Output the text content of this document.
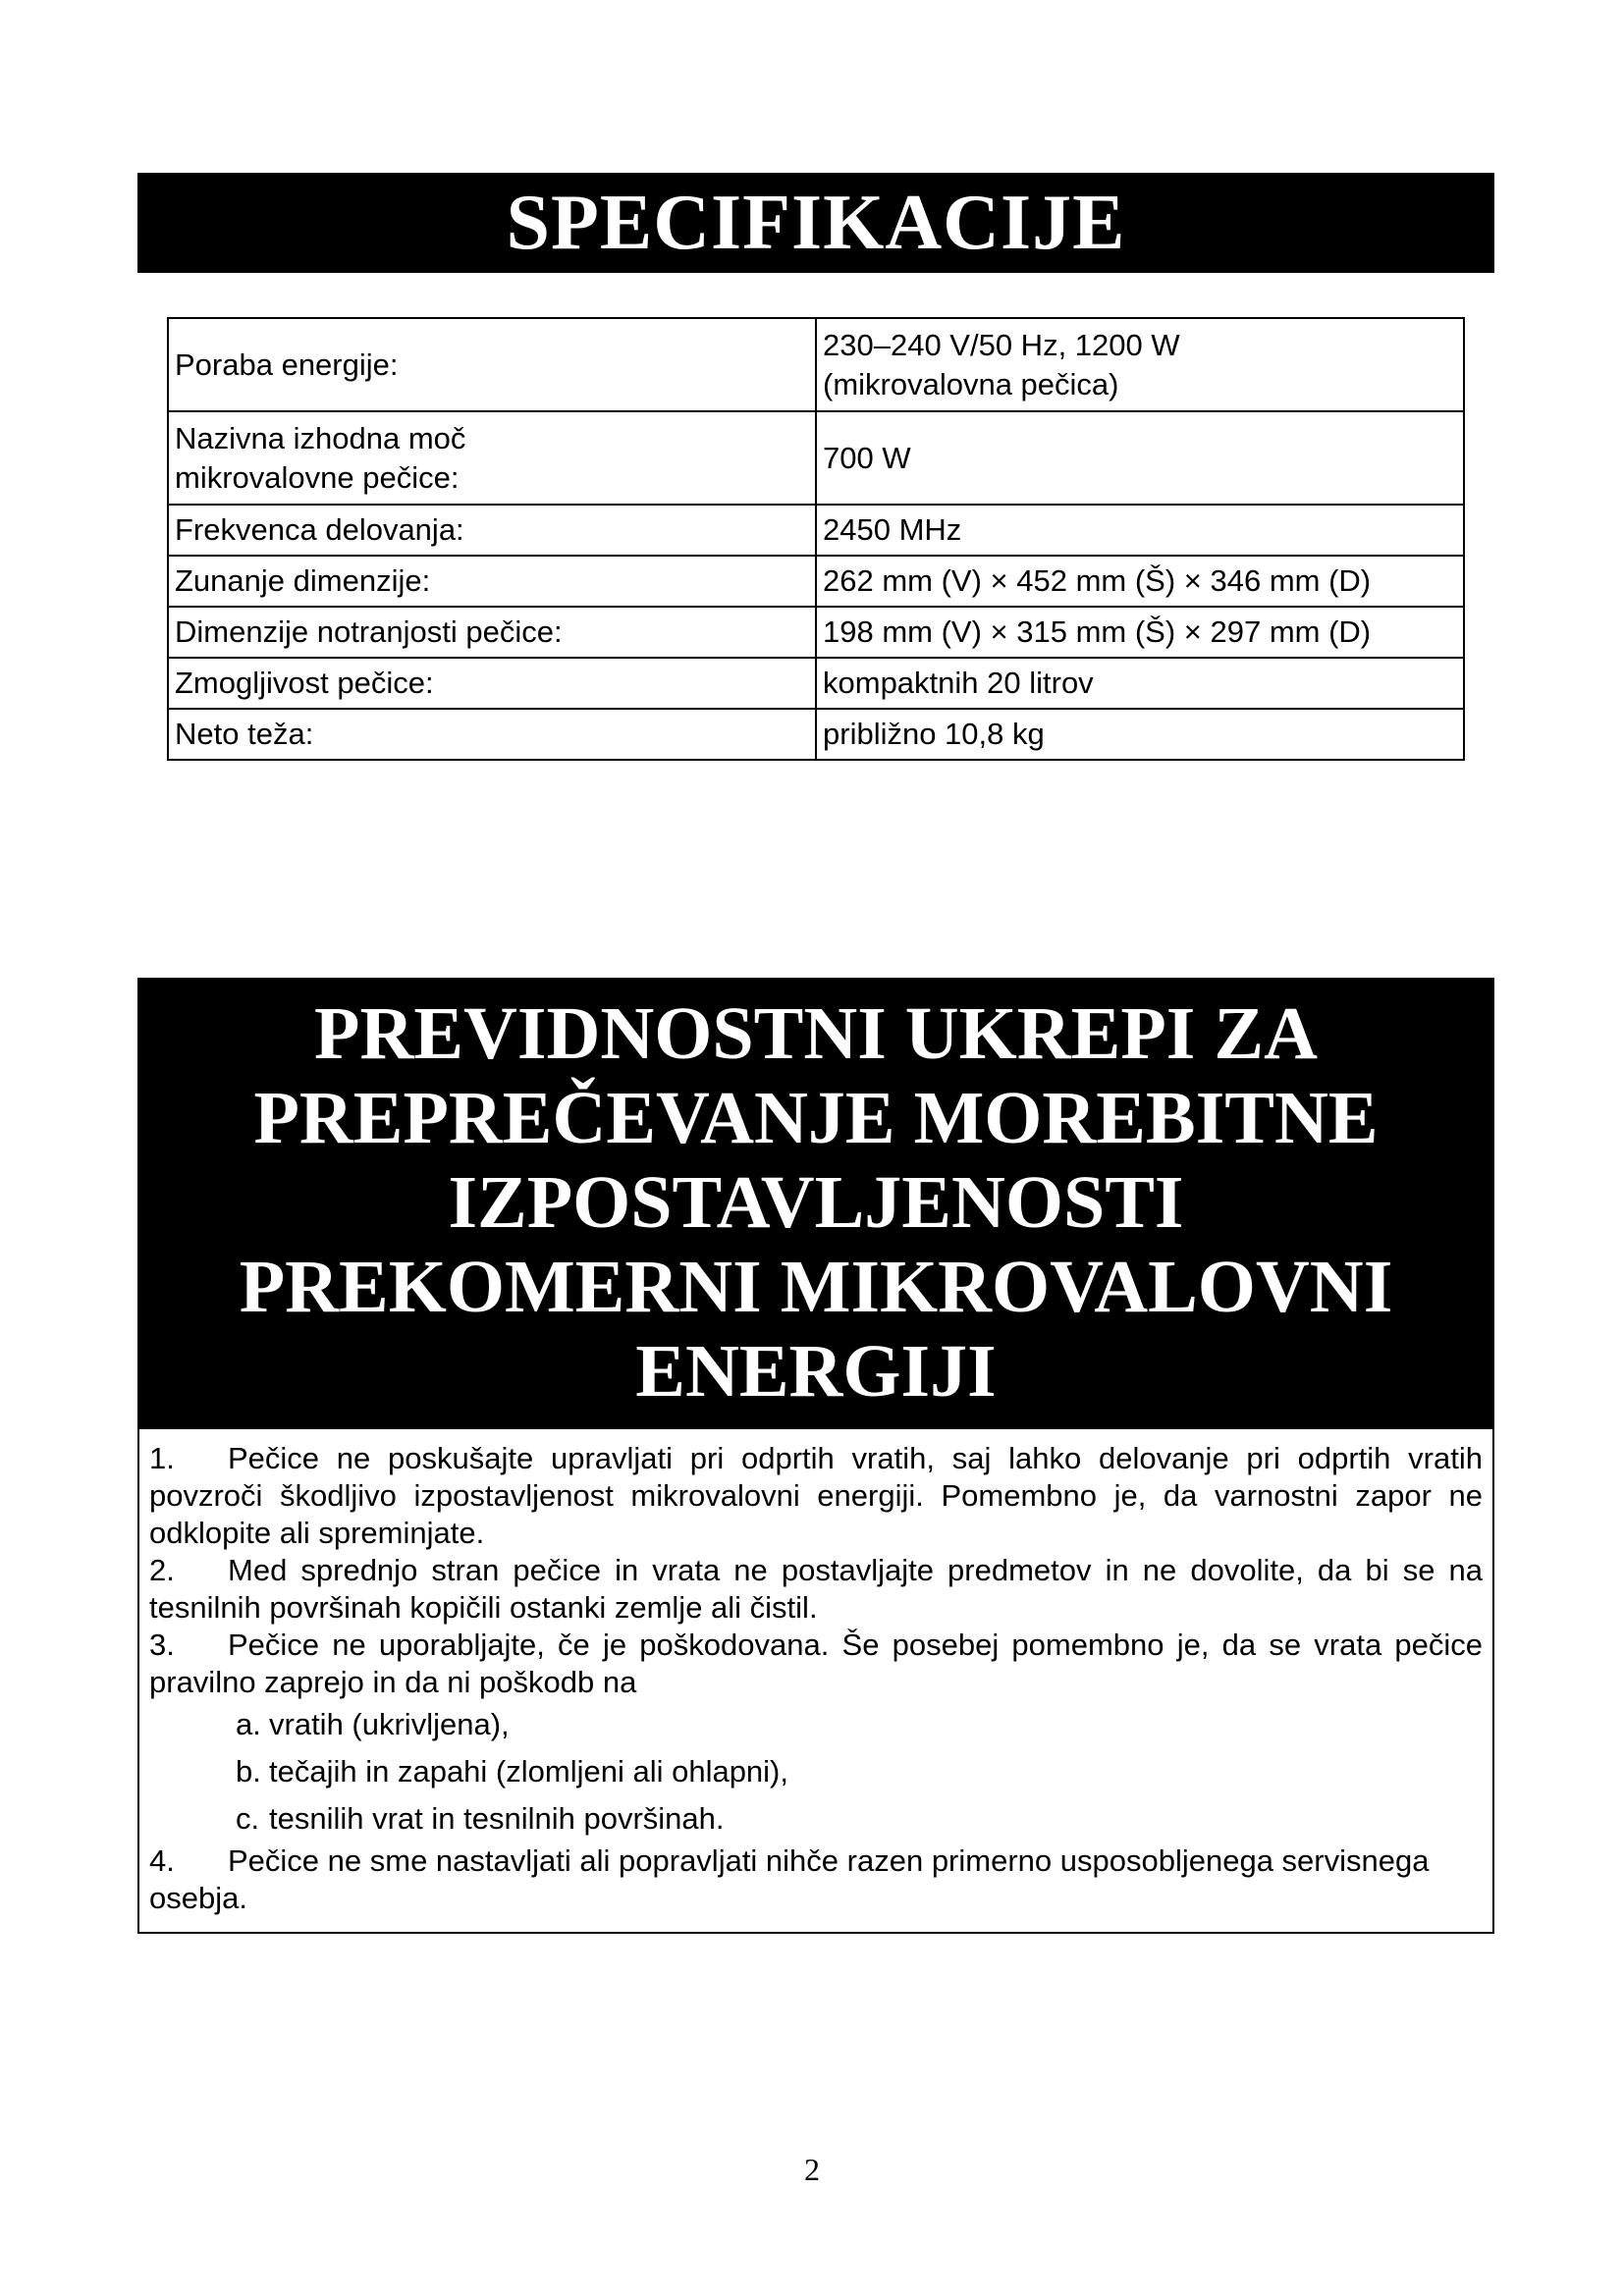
SPECIFIKACIJE
Poraba energije:	230–240 V/50 Hz, 1200 W
(mikrovalovna pečica)

Nazivna izhodna moč
mikrovalovne pečice:	700 W
Frekvenca delovanja:	2450 MHz
Zunanje dimenzije:	262 mm (V) × 452 mm (Š) × 346 mm (D)
Dimenzije notranjosti pečice:	198 mm (V) × 315 mm (Š) × 297 mm (D)
Zmogljivost pečice:	kompaktnih 20 litrov
Neto teža:	približno 10,8 kg
PREVIDNOSTNI UKREPI ZA
PREPREČEVANJE MOREBITNE
IZPOSTAVLJENOSTI
PREKOMERNI MIKROVALOVNI
ENERGIJI

1. Pečice ne poskušajte upravljati pri odprtih vratih, saj lahko delovanje pri odprtih vratih povzroči škodljivo izpostavljenost mikrovalovni energiji. Pomembno je, da varnostni zapor ne odklopite ali spreminjate.

2. Med sprednjo stran pečice in vrata ne postavljajte predmetov in ne dovolite, da bi se na tesnilnih površinah kopičili ostanki zemlje ali čistil.

3. Pečice ne uporabljajte, če je poškodovana. Še posebej pomembno je, da se vrata pečice pravilno zaprejo in da ni poškodb na

a. vratih (ukrivljena),
b. tečajih in zapahi (zlomljeni ali ohlapni),
c. tesnilih vrat in tesnilnih površinah.

4. Pečice ne sme nastavljati ali popravljati nihče razen primerno usposobljenega servisnega osebja.

2
